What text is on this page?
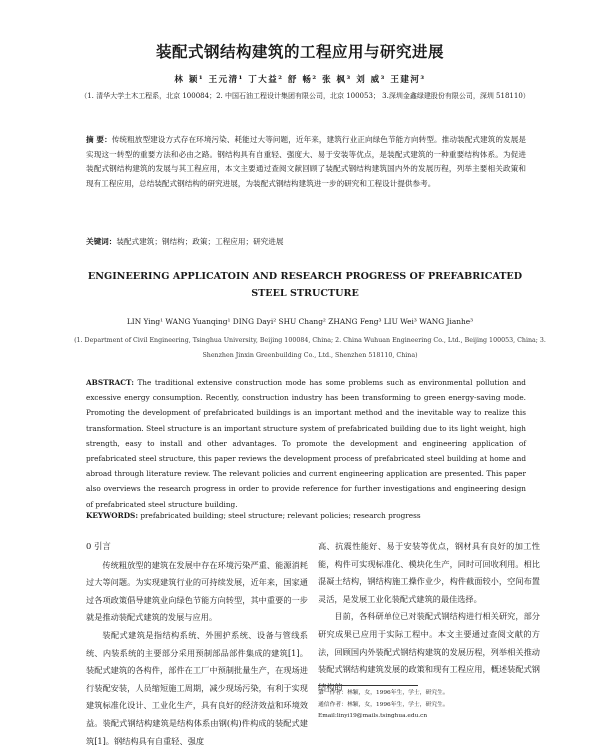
装配式钢结构建筑的工程应用与研究进展
林 颖¹ 王元清¹ 丁大益² 舒 畅² 张 枫³ 刘 威³ 王建河³
（1. 清华大学土木工程系，北京 100084；2. 中国石油工程设计集团有限公司，北京 100053； 3.深圳金鑫绿建股份有限公司，深圳 518110）
摘 要：传统粗放型建设方式存在环境污染、耗能过大等问题，近年来，建筑行业正向绿色节能方向转型。推动装配式建筑的发展是实现这一转型的重要方法和必由之路。钢结构具有自重轻、强度大、易于安装等优点，是装配式建筑的一种重要结构体系。为促进装配式钢结构建筑的发展与其工程应用，本文主要通过查阅文献回顾了装配式钢结构建筑国内外的发展历程，列举主要相关政策和现有工程应用，总结装配式钢结构的研究进展，为装配式钢结构建筑进一步的研究和工程设计提供参考。
关键词：装配式建筑；钢结构；政策；工程应用；研究进展
ENGINEERING APPLICATOIN AND RESEARCH PROGRESS OF PREFABRICATED STEEL STRUCTURE
LIN Ying¹ WANG Yuanqing¹ DING Dayi² SHU Chang² ZHANG Feng³ LIU Wei³ WANG Jianhe³
(1. Department of Civil Engineering, Tsinghua University, Beijing 100084, China; 2. China Wuhuan Engineering Co., Ltd., Beijing 100053, China; 3. Shenzhen Jinxin Greenbuilding Co., Ltd., Shenzhen 518110, China)
ABSTRACT: The traditional extensive construction mode has some problems such as environmental pollution and excessive energy consumption. Recently, construction industry has been transforming to green energy-saving mode. Promoting the development of prefabricated buildings is an important method and the inevitable way to realize this transformation. Steel structure is an important structure system of prefabricated building due to its light weight, high strength, easy to install and other advantages. To promote the development and engineering application of prefabricated steel structure, this paper reviews the development process of prefabricated steel building at home and abroad through literature review. The relevant policies and current engineering application are presented. This paper also overviews the research progress in order to provide reference for further investigations and engineering design of prefabricated steel structure building.
KEYWORDS: prefabricated building; steel structure; relevant policies; research progress
0 引言
传统粗放型的建筑在发展中存在环境污染严重、能源消耗过大等问题。为实现建筑行业的可持续发展，近年来，国家通过各项政策倡导建筑业向绿色节能方向转型，其中重要的一步就是推动装配式建筑的发展与应用。
装配式建筑是指结构系统、外围护系统、设备与管线系统、内装系统的主要部分采用预制部品部件集成的建筑[1]。装配式建筑的各构件，部件在工厂中预制批量生产，在现场进行装配安装，人员缩短施工周期，减少现场污染，有利于实现建筑标准化设计、工业化生产，具有良好的经济效益和环境效益。装配式钢结构建筑是结构体系由钢(构)件构成的装配式建筑[1]。钢结构具有自重轻、强度
高、抗震性能好、易于安装等优点，钢材具有良好的加工性能，构件可实现标准化、模块化生产，同时可回收利用。相比混凝土结构，钢结构施工操作业少，构件截面较小，空间布置灵活，是发展工业化装配式建筑的最佳选择。
目前，各科研单位已对装配式钢结构进行相关研究，部分研究成果已应用于实际工程中。本文主要通过查阅文献的方法，回顾国内外装配式钢结构建筑的发展历程，列举相关推动装配式钢结构建筑发展的政策和现有工程应用，概述装配式钢结构的
第一作者：林颖，女，1996年生，学士，研究生。
通信作者：林颖，女，1996年生，学士，研究生。
Email:linyi19@mails.tsinghua.edu.cn
